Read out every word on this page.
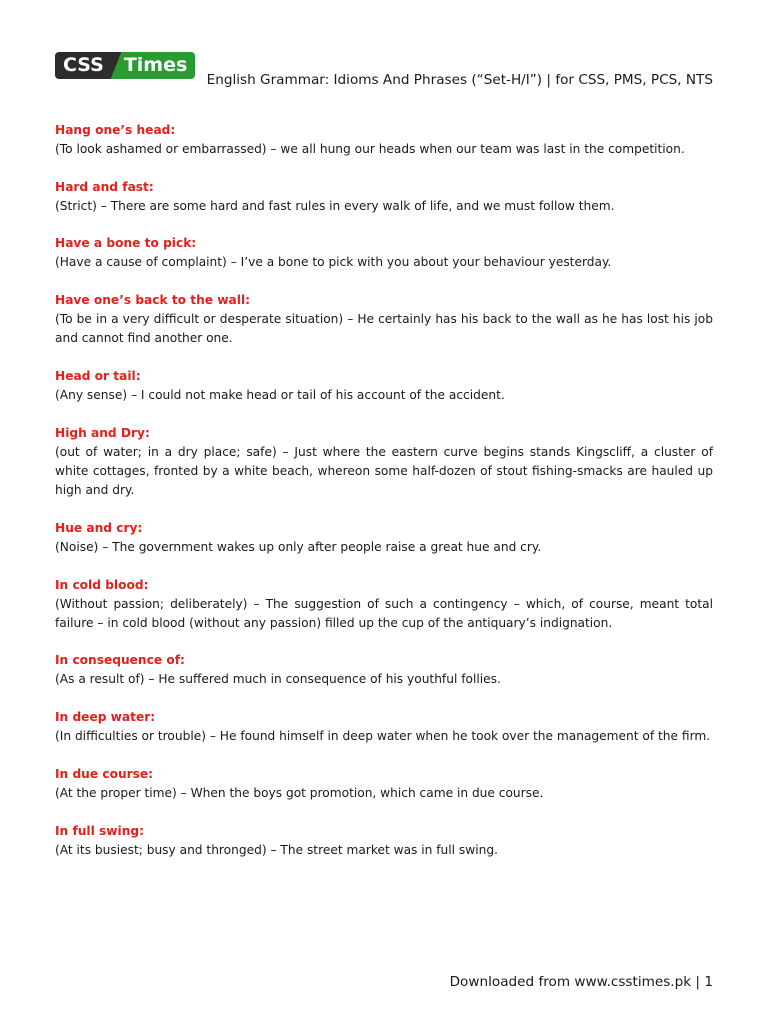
CSS	Times
English Grammar: Idioms And Phrases (“Set-H/I”) | for CSS, PMS, PCS, NTS
Hang one’s head:
(To look ashamed or embarrassed) – we all hung our heads when our team was last in the competition.
Hard and fast:
(Strict) – There are some hard and fast rules in every walk of life, and we must follow them.
Have a bone to pick:
(Have a cause of complaint) – I’ve a bone to pick with you about your behaviour yesterday.
Have one’s back to the wall:
(To be in a very difficult or desperate situation) – He certainly has his back to the wall as he has lost his job and cannot find another one.
Head or tail:
(Any sense) – I could not make head or tail of his account of the accident.
High and Dry:
(out of water; in a dry place; safe) – Just where the eastern curve begins stands Kingscliff, a cluster of white cottages, fronted by a white beach, whereon some half-dozen of stout fishing-smacks are hauled up high and dry.
Hue and cry:
(Noise) – The government wakes up only after people raise a great hue and cry.
In cold blood:
(Without passion; deliberately) – The suggestion of such a contingency – which, of course, meant total failure – in cold blood (without any passion) filled up the cup of the antiquary’s indignation.
In consequence of:
(As a result of) – He suffered much in consequence of his youthful follies.
In deep water:
(In difficulties or trouble) – He found himself in deep water when he took over the management of the firm.
In due course:
(At the proper time) – When the boys got promotion, which came in due course.
In full swing:
(At its busiest; busy and thronged) – The street market was in full swing.
Downloaded from www.csstimes.pk | 1
